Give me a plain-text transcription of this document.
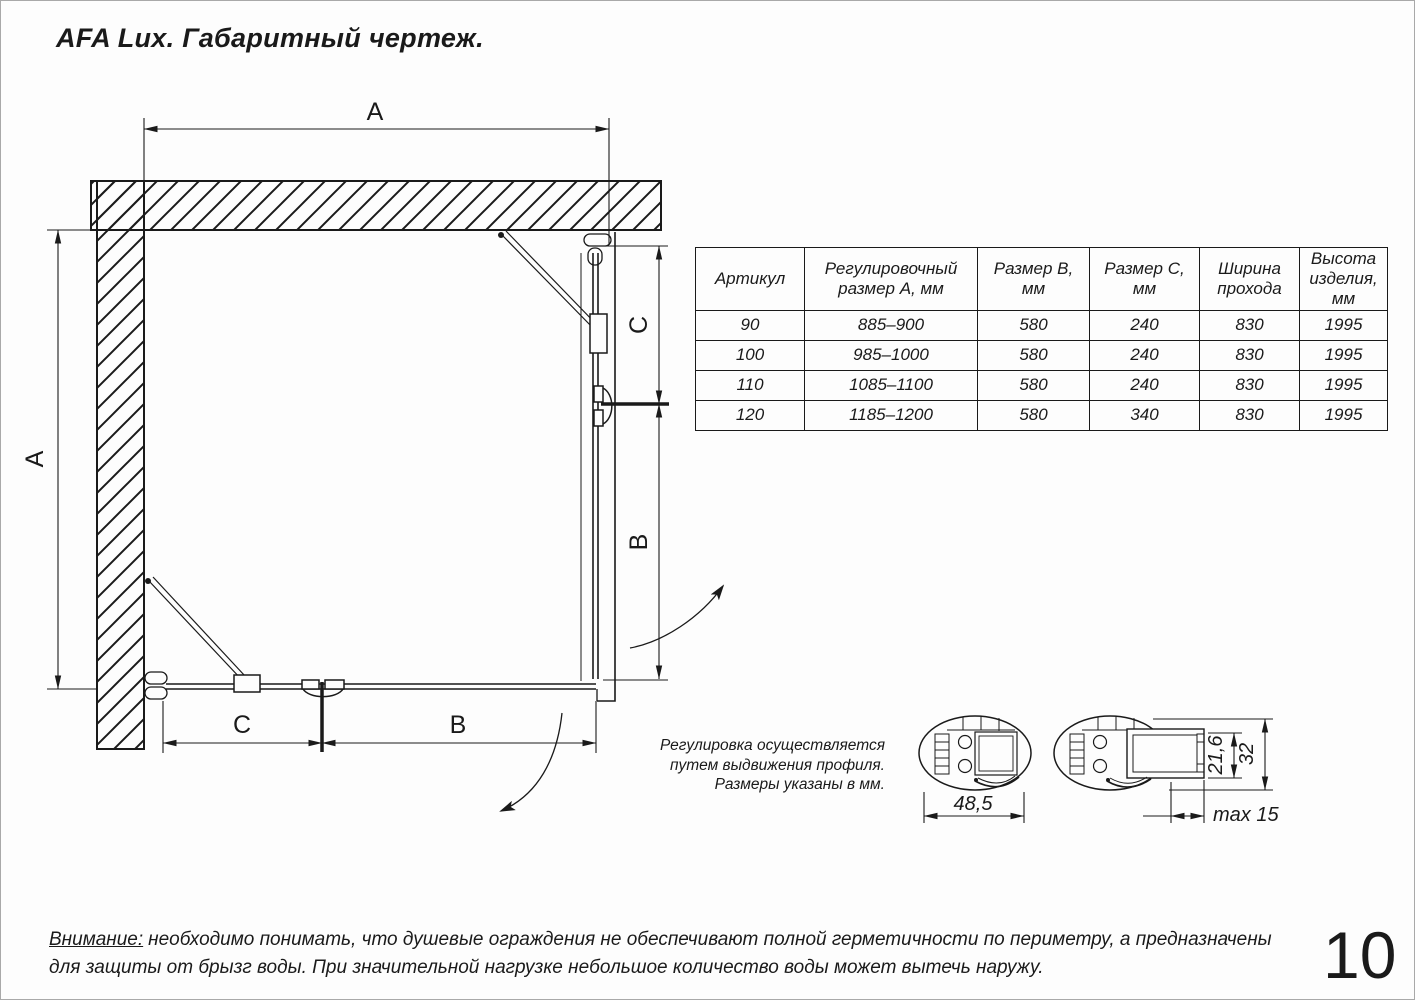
AFA Lux. Габаритный чертеж.
A
A
C
B
C	B
48,5
21,6 32
max 15
Артикул	Регулировочный размер А, мм	Размер В, мм	Размер С, мм	Ширина прохода	Высота изделия, мм
90	885–900	580	240	830	1995
100	985–1000	580	240	830	1995
110	1085–1100	580	240	830	1995
120	1185–1200	580	340	830	1995
Регулировка осуществляется
путем выдвижения профиля.
Размеры указаны в мм.
Внимание: необходимо понимать, что душевые ограждения не обеспечивают полной герметичности по периметру, а предназначены
для защиты от брызг воды. При значительной нагрузке небольшое количество воды может вытечь наружу.	10
